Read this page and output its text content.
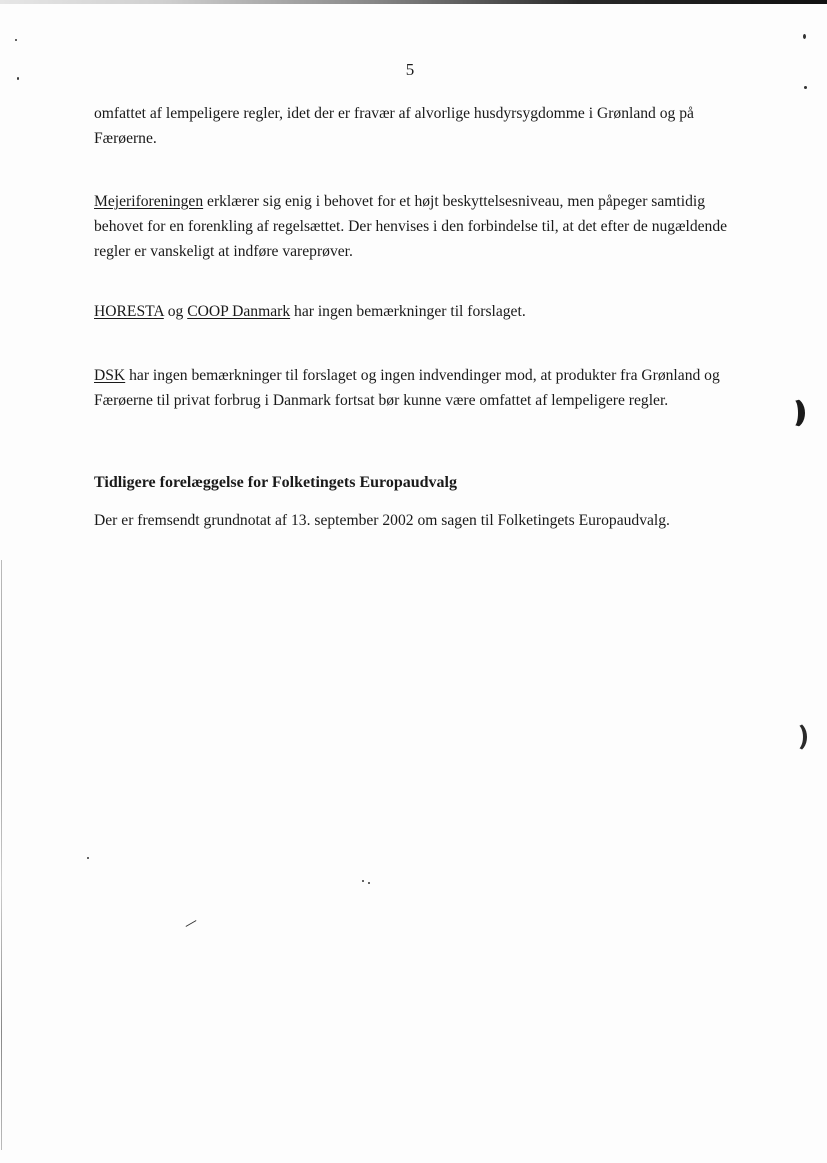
5

omfattet af lempeligere regler, idet der er fravær af alvorlige husdyrsygdomme i Grønland og på Færøerne.

Mejeriforeningen erklærer sig enig i behovet for et højt beskyttelsesniveau, men påpeger samtidig behovet for en forenkling af regelsættet. Der henvises i den forbindelse til, at det efter de nugældende regler er vanskeligt at indføre vareprøver.

HORESTA og COOP Danmark har ingen bemærkninger til forslaget.

DSK har ingen bemærkninger til forslaget og ingen indvendinger mod, at produkter fra Grønland og Færøerne til privat forbrug i Danmark fortsat bør kunne være omfattet af lempeligere regler.

Tidligere forelæggelse for Folketingets Europaudvalg

Der er fremsendt grundnotat af 13. september 2002 om sagen til Folketingets Europaudvalg.
